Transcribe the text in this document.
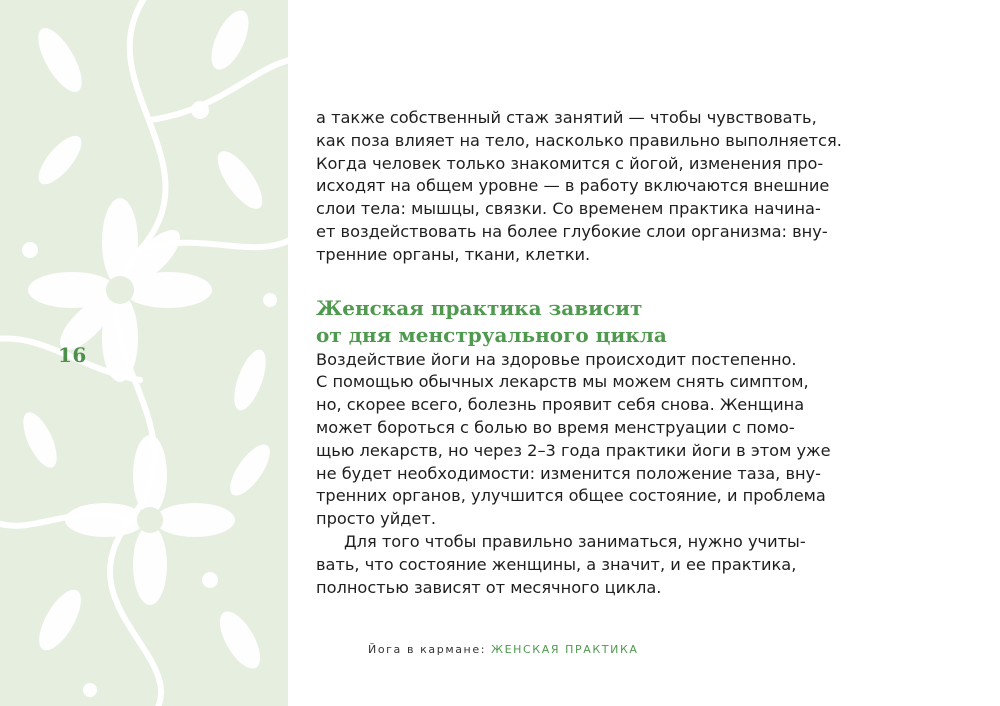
16
а также собственный стаж занятий — чтобы чувствовать,
как поза влияет на тело, насколько правильно выполняется.
Когда человек только знакомится с йогой, изменения про-
исходят на общем уровне — в работу включаются внешние
слои тела: мышцы, связки. Со временем практика начина-
ет воздействовать на более глубокие слои организма: вну-
тренние органы, ткани, клетки.
Женская практика зависит
от дня менструального цикла
Воздействие йоги на здоровье происходит постепенно.
С помощью обычных лекарств мы можем снять симптом,
но, скорее всего, болезнь проявит себя снова. Женщина
может бороться с болью во время менструации с помо-
щью лекарств, но через 2–3 года практики йоги в этом уже
не будет необходимости: изменится положение таза, вну-
тренних органов, улучшится общее состояние, и проблема
просто уйдет.
Для того чтобы правильно заниматься, нужно учиты-
вать, что состояние женщины, а значит, и ее практика,
полностью зависят от месячного цикла.
Йога в кармане: ЖЕНСКАЯ ПРАКТИКА
